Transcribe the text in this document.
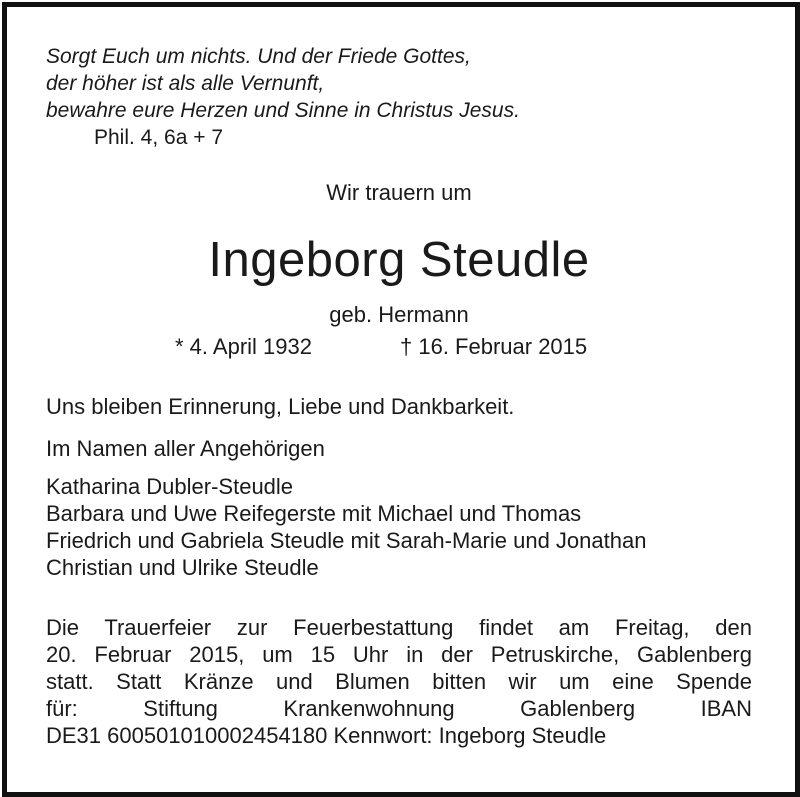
Sorgt Euch um nichts. Und der Friede Gottes,
der höher ist als alle Vernunft,
bewahre eure Herzen und Sinne in Christus Jesus.
Phil. 4, 6a + 7
Wir trauern um
Ingeborg Steudle
geb. Hermann
* 4. April 1932	† 16. Februar 2015
Uns bleiben Erinnerung, Liebe und Dankbarkeit.
Im Namen aller Angehörigen
Katharina Dubler-Steudle
Barbara und Uwe Reifegerste mit Michael und Thomas
Friedrich und Gabriela Steudle mit Sarah-Marie und Jonathan
Christian und Ulrike Steudle
Die Trauerfeier zur Feuerbestattung findet am Freitag, den
20. Februar 2015, um 15 Uhr in der Petruskirche, Gablenberg
statt. Statt Kränze und Blumen bitten wir um eine Spende
für: Stiftung Krankenwohnung Gablenberg IBAN
DE31 600501010002454180 Kennwort: Ingeborg Steudle
